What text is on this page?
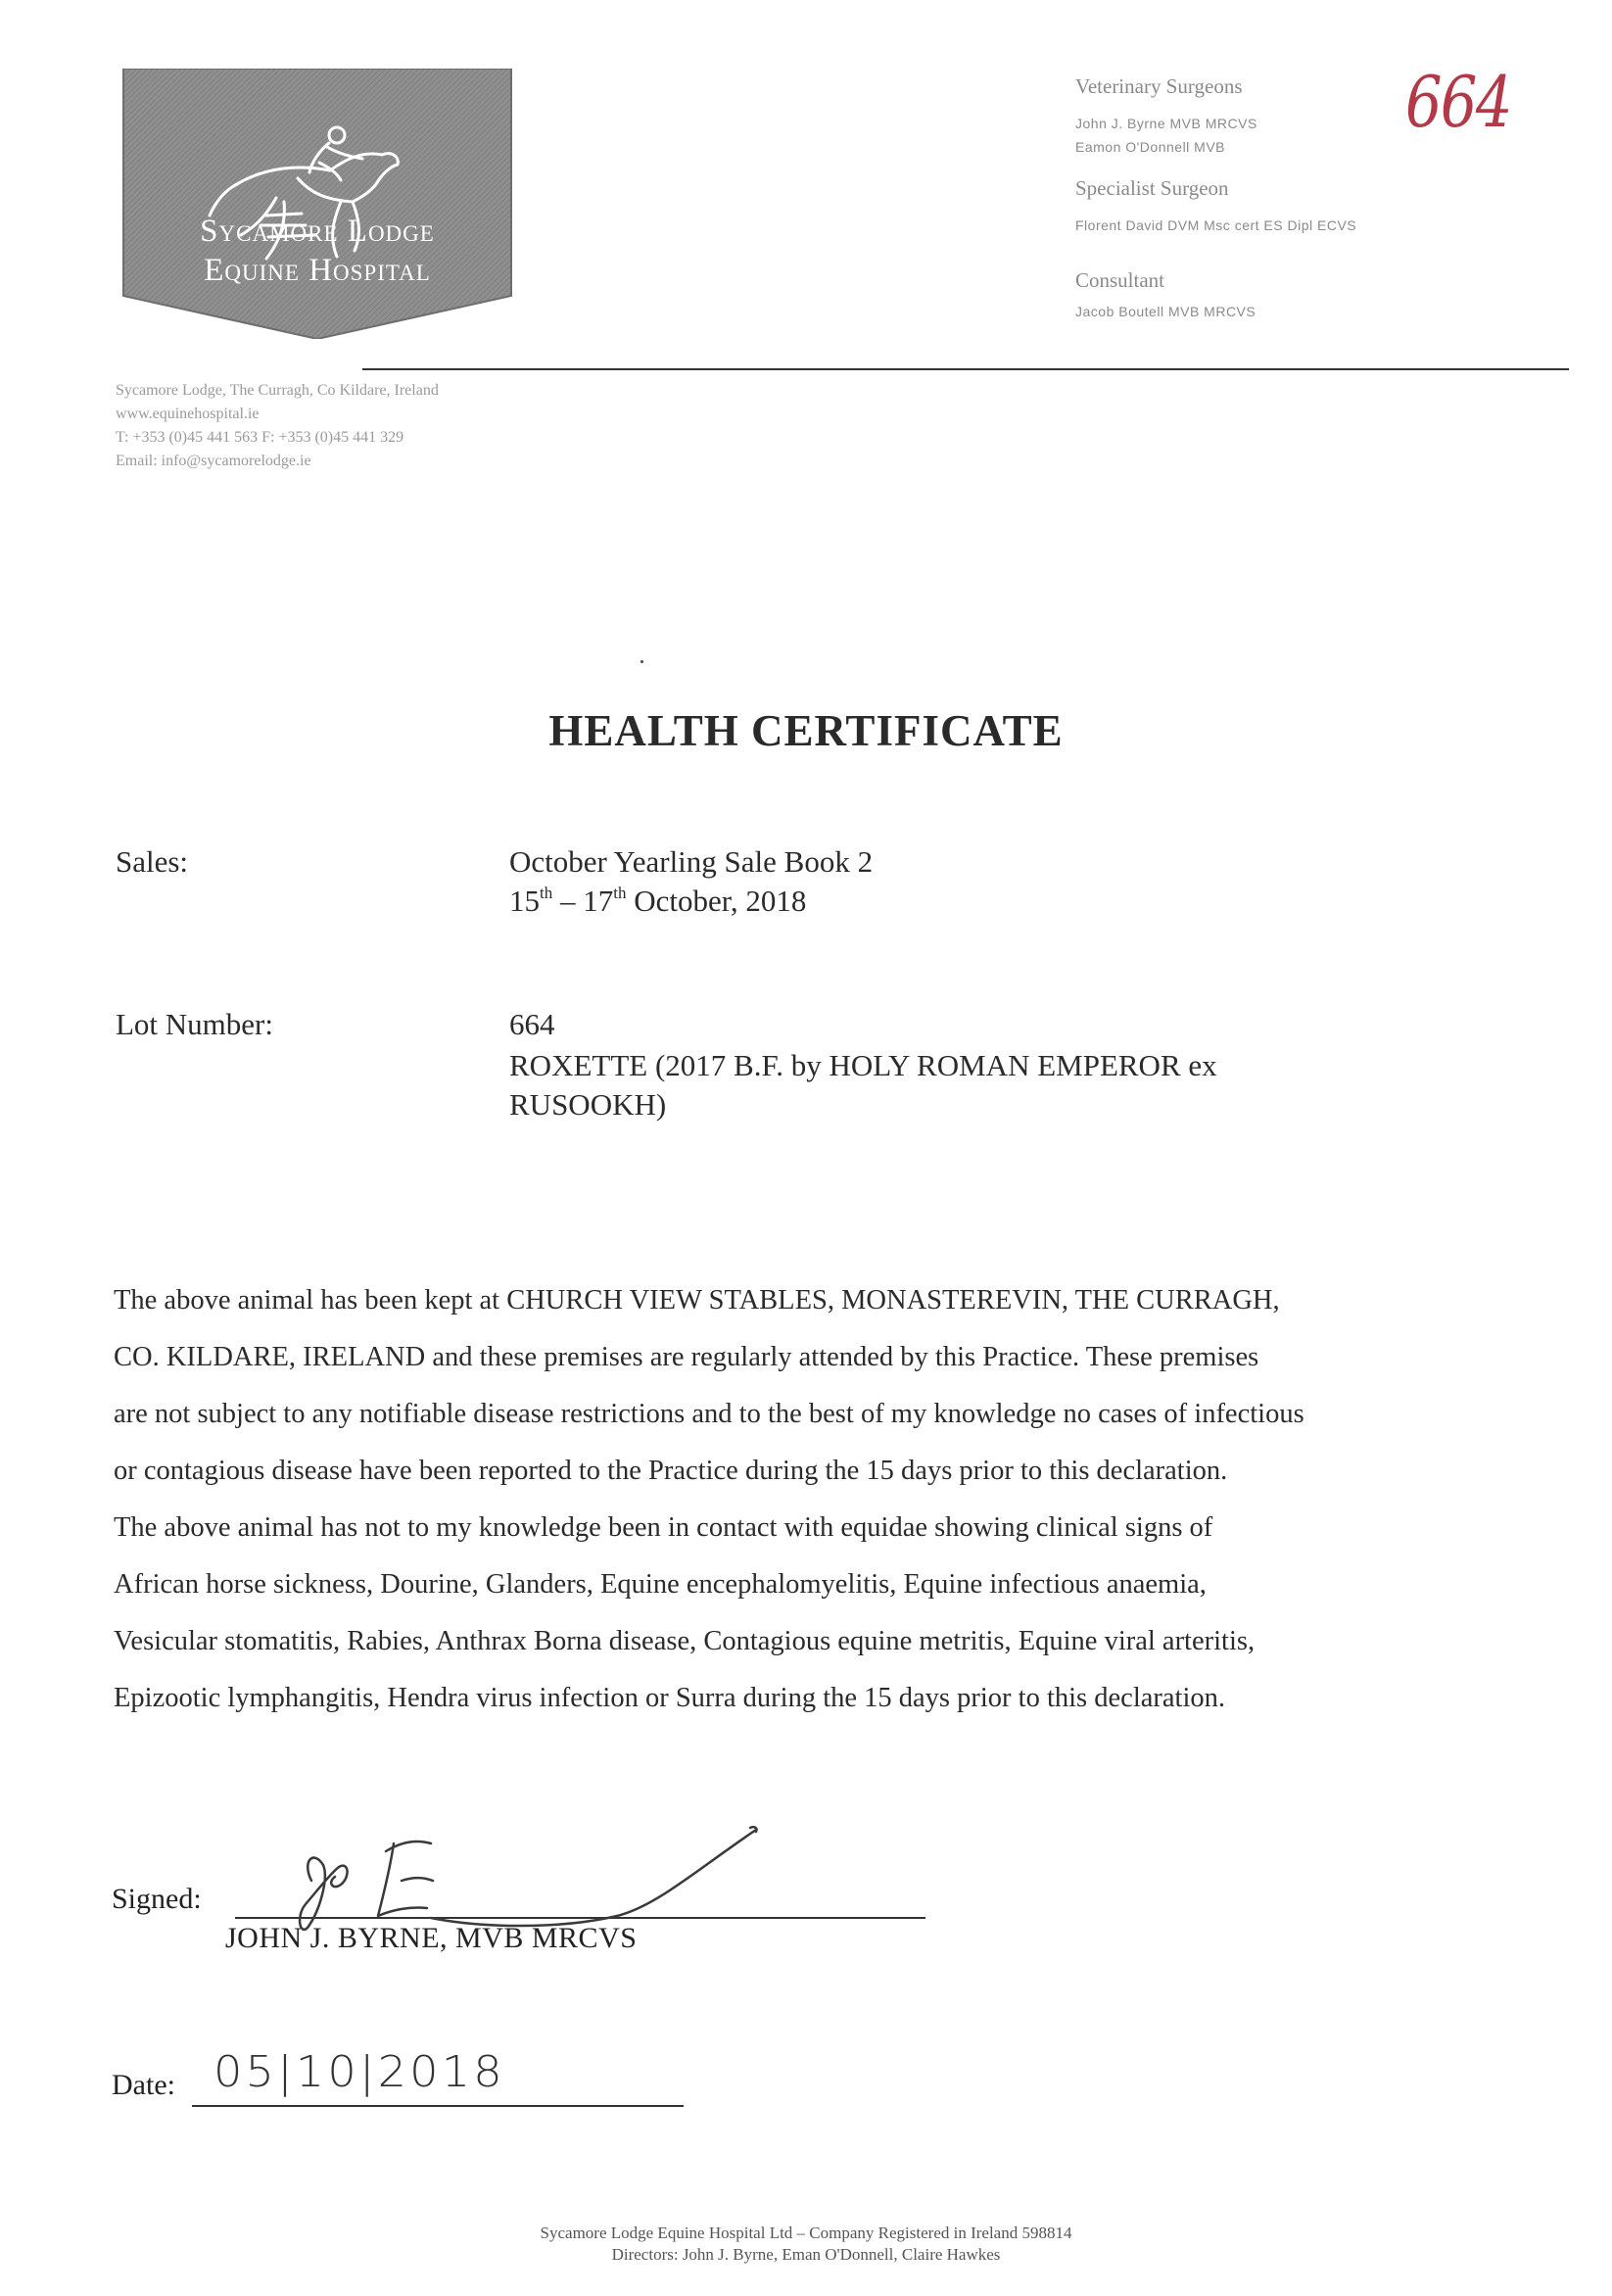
Sycamore Lodge
Equine Hospital
Veterinary Surgeons
John J. Byrne MVB MRCVS
Eamon O'Donnell MVB
Specialist Surgeon
Florent David DVM Msc cert ES Dipl ECVS
Consultant
Jacob Boutell MVB MRCVS
664
Sycamore Lodge, The Curragh, Co Kildare, Ireland
www.equinehospital.ie
T: +353 (0)45 441 563 F: +353 (0)45 441 329
Email: info@sycamorelodge.ie
HEALTH CERTIFICATE
Sales:	October Yearling Sale Book 2
15th – 17th October, 2018
Lot Number:	664
ROXETTE (2017 B.F. by HOLY ROMAN EMPEROR ex
RUSOOKH)
The above animal has been kept at CHURCH VIEW STABLES, MONASTEREVIN, THE CURRAGH,
CO. KILDARE, IRELAND and these premises are regularly attended by this Practice. These premises
are not subject to any notifiable disease restrictions and to the best of my knowledge no cases of infectious
or contagious disease have been reported to the Practice during the 15 days prior to this declaration.
The above animal has not to my knowledge been in contact with equidae showing clinical signs of
African horse sickness, Dourine, Glanders, Equine encephalomyelitis, Equine infectious anaemia,
Vesicular stomatitis, Rabies, Anthrax Borna disease, Contagious equine metritis, Equine viral arteritis,
Epizootic lymphangitis, Hendra virus infection or Surra during the 15 days prior to this declaration.
Signed:
JOHN J. BYRNE, MVB MRCVS
Date: 05|10|2018
Sycamore Lodge Equine Hospital Ltd – Company Registered in Ireland 598814
Directors: John J. Byrne, Eman O'Donnell, Claire Hawkes
